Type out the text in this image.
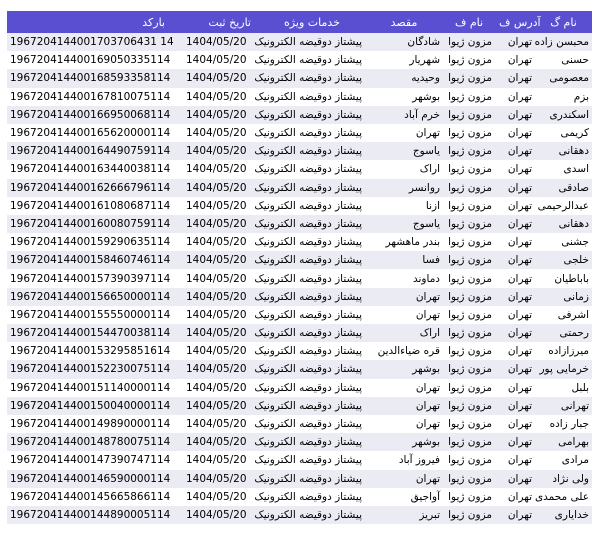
بارکد	تاریخ ثبت	خدمات ویژه	مقصد	نام ف	آدرس ف	نام گ
1967204144001703706431 14	1404/05/20	پیشتاز دوقیضه الکترونیک	شادگان	مزون ژیوا	تهران	محبسن زاده
196720414400169050335114	1404/05/20	پیشتاز دوقیضه الکترونیک	شهریار	مزون ژیوا	تهران	حسنی
196720414400168593358114	1404/05/20	پیشتاز دوقیضه الکترونیک	وحیدیه	مزون ژیوا	تهران	معصومی
196720414400167810075114	1404/05/20	پیشتاز دوقیضه الکترونیک	بوشهر	مزون ژیوا	تهران	بزم
196720414400166950068114	1404/05/20	پیشتاز دوقیضه الکترونیک	خرم آباد	مزون ژیوا	تهران	اسکندری
196720414400165620000114	1404/05/20	پیشتاز دوقیضه الکترونیک	تهران	مزون ژیوا	تهران	کریمی
196720414400164490759114	1404/05/20	پیشتاز دوقیضه الکترونیک	یاسوج	مزون ژیوا	تهران	دهقانی
196720414400163440038114	1404/05/20	پیشتاز دوقیضه الکترونیک	اراک	مزون ژیوا	تهران	اسدی
196720414400162666796114	1404/05/20	پیشتاز دوقیضه الکترونیک	روانسر	مزون ژیوا	تهران	صادقی
196720414400161080687114	1404/05/20	پیشتاز دوقیضه الکترونیک	ازنا	مزون ژیوا	تهران	عبدالرحیمی
196720414400160080759114	1404/05/20	پیشتاز دوقیضه الکترونیک	یاسوج	مزون ژیوا	تهران	دهقانی
196720414400159290635114	1404/05/20	پیشتاز دوقیضه الکترونیک	بندر ماهشهر	مزون ژیوا	تهران	جشنی
196720414400158460746114	1404/05/20	پیشتاز دوقیضه الکترونیک	فسا	مزون ژیوا	تهران	خلجی
196720414400157390397114	1404/05/20	پیشتاز دوقیضه الکترونیک	دماوند	مزون ژیوا	تهران	باباطیان
196720414400156650000114	1404/05/20	پیشتاز دوقیضه الکترونیک	تهران	مزون ژیوا	تهران	زمانی
196720414400155550000114	1404/05/20	پیشتاز دوقیضه الکترونیک	تهران	مزون ژیوا	تهران	اشرفی
196720414400154470038114	1404/05/20	پیشتاز دوقیضه الکترونیک	اراک	مزون ژیوا	تهران	رحمتی
196720414400153295851614	1404/05/20	پیشتاز دوقیضه الکترونیک	قره ضیاءالدین	مزون ژیوا	تهران	میرزازاده
196720414400152230075114	1404/05/20	پیشتاز دوقیضه الکترونیک	بوشهر	مزون ژیوا	تهران	خرمایی پور
196720414400151140000114	1404/05/20	پیشتاز دوقیضه الکترونیک	تهران	مزون ژیوا	تهران	بلبل
196720414400150040000114	1404/05/20	پیشتاز دوقیضه الکترونیک	تهران	مزون ژیوا	تهران	تهرانی
196720414400149890000114	1404/05/20	پیشتاز دوقیضه الکترونیک	تهران	مزون ژیوا	تهران	جبار زاده
196720414400148780075114	1404/05/20	پیشتاز دوقیضه الکترونیک	بوشهر	مزون ژیوا	تهران	بهرامی
196720414400147390747114	1404/05/20	پیشتاز دوقیضه الکترونیک	فیروز آباد	مزون ژیوا	تهران	مرادی
196720414400146590000114	1404/05/20	پیشتاز دوقیضه الکترونیک	تهران	مزون ژیوا	تهران	ولی نژاد
196720414400145665866114	1404/05/20	پیشتاز دوقیضه الکترونیک	آواجیق	مزون ژیوا	تهران	علی محمدی
196720414400144890005114	1404/05/20	پیشتاز دوقیضه الکترونیک	تبریز	مزون ژیوا	تهران	خدایاری
